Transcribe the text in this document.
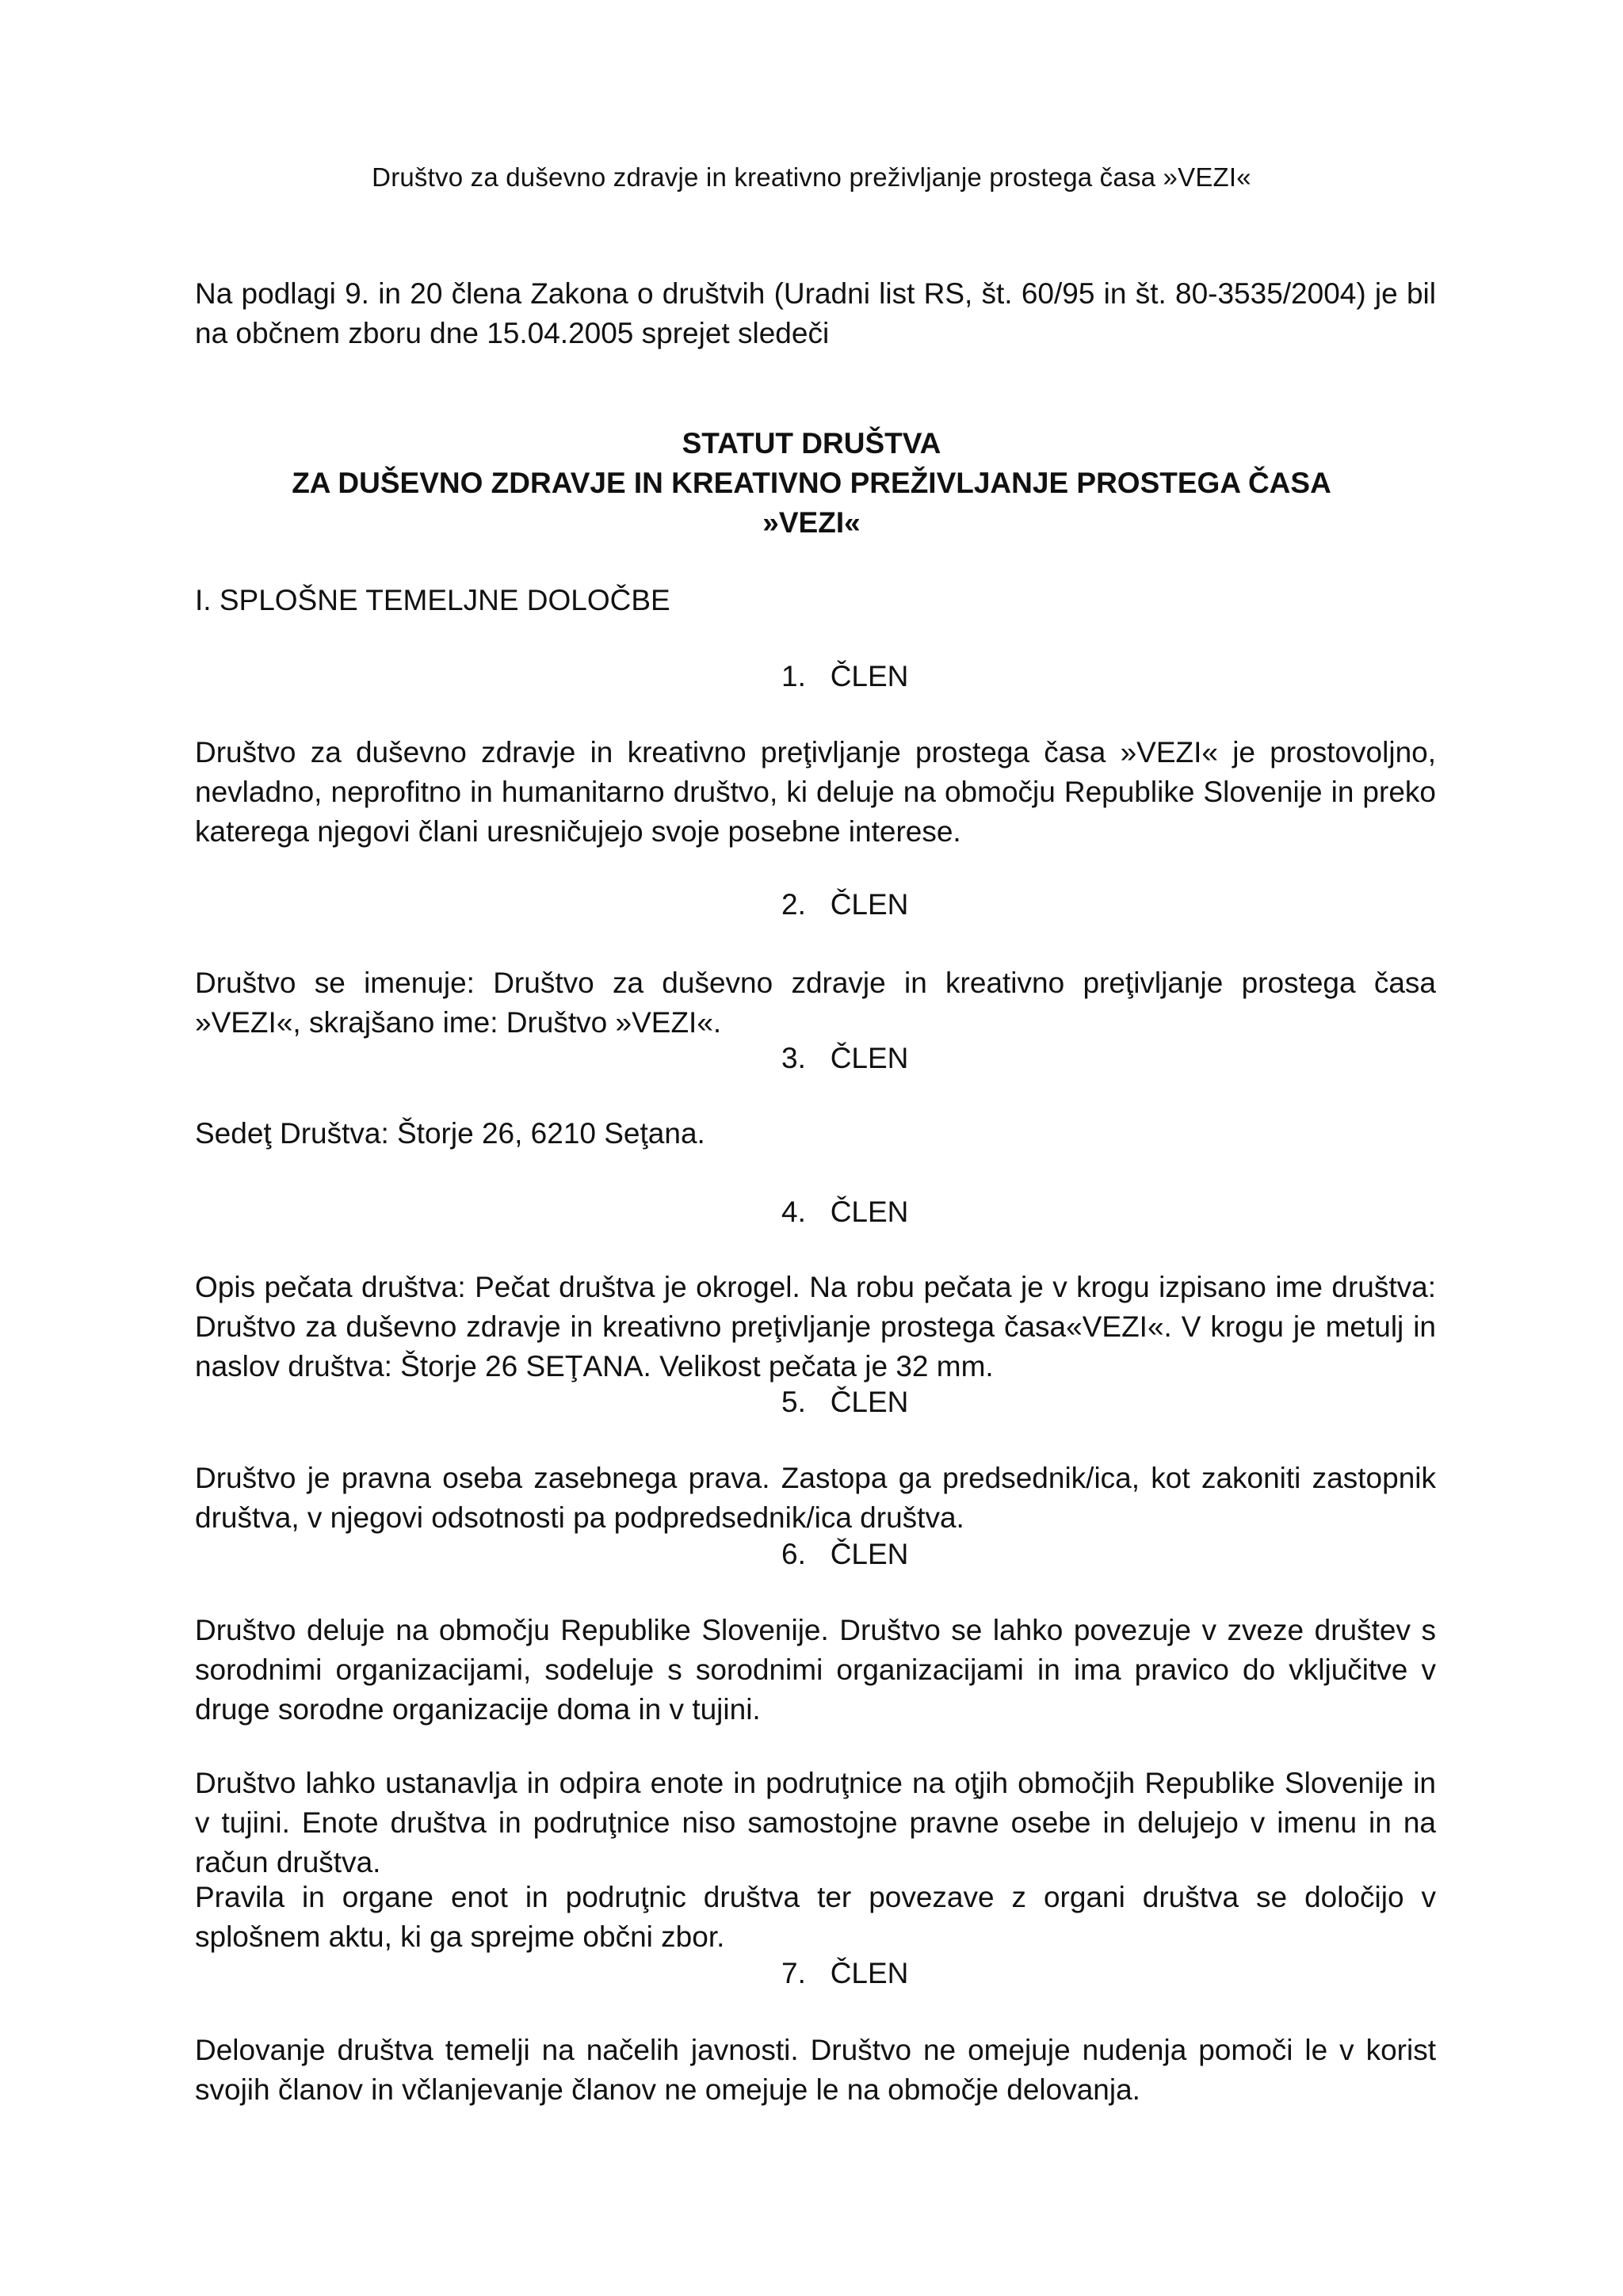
Društvo za duševno zdravje in kreativno preživljanje prostega časa »VEZI«

Na podlagi 9. in 20 člena Zakona o društvih (Uradni list RS, št. 60/95 in št. 80-3535/2004) je bil na občnem zboru dne 15.04.2005 sprejet sledeči

STATUT DRUŠTVA
ZA DUŠEVNO ZDRAVJE IN KREATIVNO PREŽIVLJANJE PROSTEGA ČASA
»VEZI«

I. SPLOŠNE TEMELJNE DOLOČBE

1.   ČLEN

Društvo za duševno zdravje in kreativno preţivljanje prostega časa »VEZI« je prostovoljno, nevladno, neprofitno in humanitarno društvo, ki deluje na območju Republike Slovenije in preko katerega njegovi člani uresničujejo svoje posebne interese.

2.   ČLEN

Društvo se imenuje: Društvo za duševno zdravje in kreativno preţivljanje prostega časa »VEZI«, skrajšano ime: Društvo »VEZI«.

3.   ČLEN

Sedeţ Društva: Štorje 26, 6210 Seţana.

4.   ČLEN

Opis pečata društva: Pečat društva je okrogel. Na robu pečata je v krogu izpisano ime društva: Društvo za duševno zdravje in kreativno preţivljanje prostega časa«VEZI«. V krogu je metulj in naslov društva: Štorje 26 SEŢANA. Velikost pečata je 32 mm.

5.   ČLEN

Društvo je pravna oseba zasebnega prava. Zastopa ga predsednik/ica, kot zakoniti zastopnik društva, v njegovi odsotnosti pa podpredsednik/ica društva.

6.   ČLEN

Društvo deluje na območju Republike Slovenije. Društvo se lahko povezuje v zveze društev s sorodnimi organizacijami, sodeluje s sorodnimi organizacijami in ima pravico do vključitve v druge sorodne organizacije doma in v tujini.

Društvo lahko ustanavlja in odpira enote in podruţnice na oţjih območjih Republike Slovenije in v tujini. Enote društva in podruţnice niso samostojne pravne osebe in delujejo v imenu in na račun društva.

Pravila in organe enot in podruţnic društva ter povezave z organi društva se določijo v splošnem aktu, ki ga sprejme občni zbor.

7.   ČLEN

Delovanje društva temelji na načelih javnosti. Društvo ne omejuje nudenja pomoči le v korist svojih članov in včlanjevanje članov ne omejuje le na območje delovanja.
